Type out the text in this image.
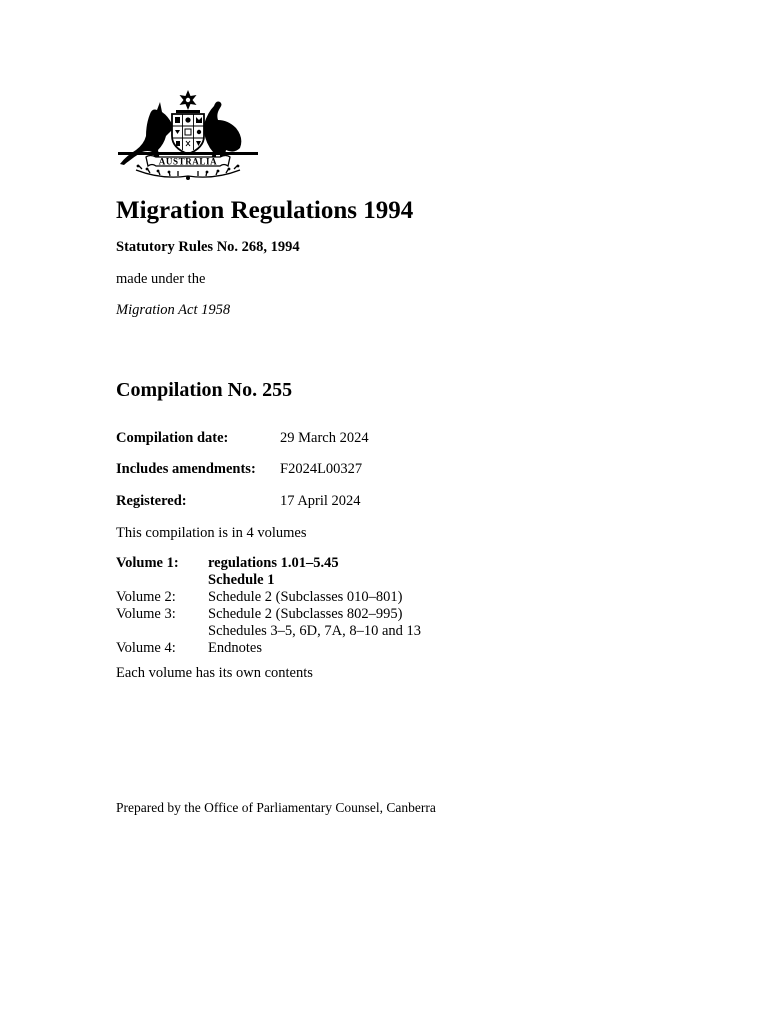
AUSTRALIA
Migration Regulations 1994
Statutory Rules No. 268, 1994
made under the
Migration Act 1958
Compilation No. 255
Compilation date:	29 March 2024
Includes amendments: F2024L00327
Registered:	17 April 2024
This compilation is in 4 volumes
Volume 1:	regulations 1.01–5.45
Schedule 1
Volume 2:	Schedule 2 (Subclasses 010–801)
Volume 3:	Schedule 2 (Subclasses 802–995)
Schedules 3–5, 6D, 7A, 8–10 and 13
Volume 4:	Endnotes
Each volume has its own contents
Prepared by the Office of Parliamentary Counsel, Canberra
